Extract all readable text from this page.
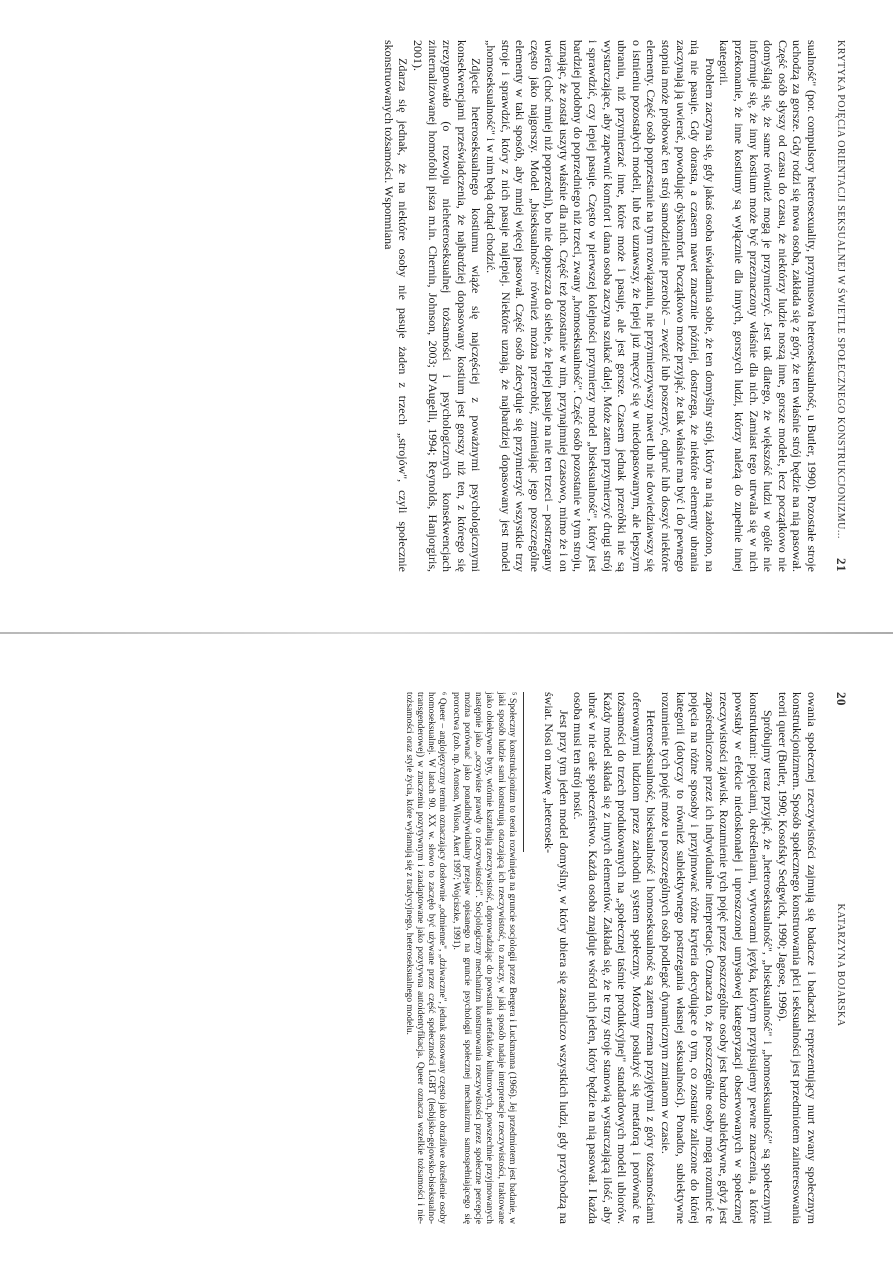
20
KATARZYNA BOJARSKA

owania społecznej rzeczywistości zajmują się badacze i badaczki reprezentujący nurt zwany społecznym konstrukcjonizmem. Sposób społecznego konstruowania płci i seksualności jest przedmiotem zainteresowania teorii queer (Butler, 1990; Kosofsky Sedgwick, 1990; Jagose, 1996).

Spróbujmy teraz przyjąć, że „heteroseksualność", „biseksualność" i „homoseksualność" są społecznymi konstruktami: pojęciami, określeniami, wytworami języka, którym przypisujemy pewne znaczenia, a które powstały w efekcie niedoskonałej i uproszczonej umysłowej kategoryzacji obserwowanych w społecznej rzeczywistości zjawisk. Rozumienie tych pojęć przez poszczególne osoby jest bardzo subiektywne, gdyż jest zapośredniczone przez ich indywidualne interpretacje. Oznacza to, że poszczególne osoby mogą rozumieć te pojęcia na różne sposoby i przyjmować różne kryteria decydujące o tym, co zostanie zaliczone do której kategorii (dotyczy to również subiektywnego postrzegania własnej seksualności). Ponadto, subiektywne rozumienie tych pojęć może u poszczególnych osób podlegać dynamicznym zmianom w czasie.

Heteroseksualność, biseksualność i homoseksualność są zatem trzema przyjętymi z góry tożsamościami oferowanymi ludziom przez zachodni system społeczny. Możemy posłużyć się metaforą i porównać te tożsamości do trzech produkowanych na „społecznej taśmie produkcyjnej" standardowych modeli ubiorów. Każdy model składa się z innych elementów. Zakłada się, że te trzy stroje stanowią wystarczającą ilość, aby ubrać w nie całe społeczeństwo. Każda osoba znajduje wśród nich jeden, który będzie na nią pasował. I każda osoba musi ten strój nosić.

Jest przy tym jeden model domyślny, w który ubiera się zasadniczo wszystkich ludzi, gdy przychodzą na świat. Nosi on nazwę „heterosek-

⁵ Społeczny konstrukcjonizm to teoria rozwinięta na gruncie socjologii przez Bergera i Luckmanna (1966). Jej przedmiotem jest badanie, w jaki sposób ludzie sami konstruują otaczającą ich rzeczywistość, to znaczy, w jaki sposób nadaje interpretacje rzeczywistości, traktowane jako obiektywne byty, wtórnie kształtują rzeczywistość, doprowadzając do powstania artefaktów kulturowych, powszechnie przyjmowanych następnie jako „oczywiste prawdy o rzeczywistości". Socjologiczny mechanizm konstruowania rzeczywistości przez społeczne percepcje można porównać jako ponadindywidualny przejaw opisanego na gruncie psychologii społecznej mechanizmu samospełniającego się proroctwa (zob. np. Aronson, Wilson, Akert 1997; Wojciszke, 1991).

⁶ Queer – anglojęzyczny termin oznaczający dosłownie „odmienne", „dziwaczne", jednak stosowany często jako obraźliwe określenie osoby homoseksualnej. W latach 90. XX w. słowo to zaczęło być używane przez część społeczności LGBT (lesbijsko-gejowsko-biseksualno-transgenderowej) w znaczeniu pozytywnym i zaadaptowane jako pozytywna autoidentyfikacja. Queer oznacza wszelkie tożsamości i nie-tożsamości oraz style życia, które wyłamują się z tradycyjnego, heteroseksualnego modelu.

KRYTYKA POJĘCIA ORIENTACJI SEKSUALNEJ W ŚWIETLE SPOŁECZNEGO KONSTRUKCJONIZMU...
21

sualność" (por. compulsory heterosexuality, przymusowa heteroseksualność, u Butler, 1990). Pozostałe stroje uchodzą za gorsze. Gdy rodzi się nowa osoba, zakłada się z góry, że ten właśnie strój będzie na nią pasował. Część osób słyszy od czasu do czasu, że niektórzy ludzie noszą inne, gorsze modele, lecz początkowo nie domyślają się, że same również mogą je przymierzyć. Jest tak dlatego, że większość ludzi w ogóle nie informuje się, że inny kostium może być przeznaczony właśnie dla nich. Zamiast tego utrwala się w nich przekonanie, że inne kostiumy są wyłącznie dla innych, gorszych ludzi, którzy należą do zupełnie innej kategorii.

Problem zaczyna się, gdy jakaś osoba uświadamia sobie, że ten domyślny strój, który na nią założono, na nią nie pasuje. Gdy dorasta, a czasem nawet znacznie później, dostrzega, że niektóre elementy ubrania zaczynają ją uwierać, powodując dyskomfort. Początkowo może przyjąć, że tak właśnie ma być i do pewnego stopnia może próbować ten strój samodzielnie przerobić – zwęzić lub poszerzyć, odpruć lub doszyć niektóre elementy. Część osób poprzestanie na tym rozwiązaniu, nie przymierzywszy nawet lub nie dowiedziawszy się o istnieniu pozostałych modeli, lub też uznawszy, że lepiej już męczyć się w niedopasowanym, ale lepszym ubraniu, niż przymierzać inne, które może i pasuje, ale jest gorsze. Czasem jednak przeróbki nie są wystarczające, aby zapewnić komfort i dana osoba zaczyna szukać dalej. Może zatem przymierzyć drugi strój i sprawdzić, czy lepiej pasuje. Często w pierwszej kolejności przymierzy model „biseksualność", który jest bardziej podobny do poprzedniego niż trzeci, zwany „homoseksualność". Część osób pozostanie w tym stroju, uznając, że został uszyty właśnie dla nich. Część też pozostanie w nim, przynajmniej czasowo, mimo że i on uwiera (choć mniej niż poprzedni), bo nie dopuszcza do siebie, że lepiej pasuje na nie ten trzeci – postrzegany często jako najgorszy. Model „biseksualność" również można przerobić, zmieniając jego poszczególne elementy w taki sposób, aby mniej więcej pasował. Część osób zdecyduje się przymierzyć wszystkie trzy stroje i sprawdzić, który z nich pasuje najlepiej. Niektóre uznają, że najbardziej dopasowany jest model „homoseksualność" i w nim będą odtąd chodzić.

Zdjęcie heteroseksualnego kostiumu wiąże się najczęściej z poważnymi psychologicznymi konsekwencjami przeświadczenia, że najbardziej dopasowany kostium jest gorszy niż ten, z którego się zrezygnowało (o rozwoju nieheteroseksualnej tożsamości i psychologicznych konsekwencjach zinternalizowanej homofobii pisza m.in. Chernin, Johnson, 2003; D'Augelli, 1994; Reynolds, Hanjorgiris, 2001).

Zdarza się jednak, że na niektóre osoby nie pasuje żaden z trzech „strojów", czyli społecznie skonstruowanych tożsamości. Wspomniana
